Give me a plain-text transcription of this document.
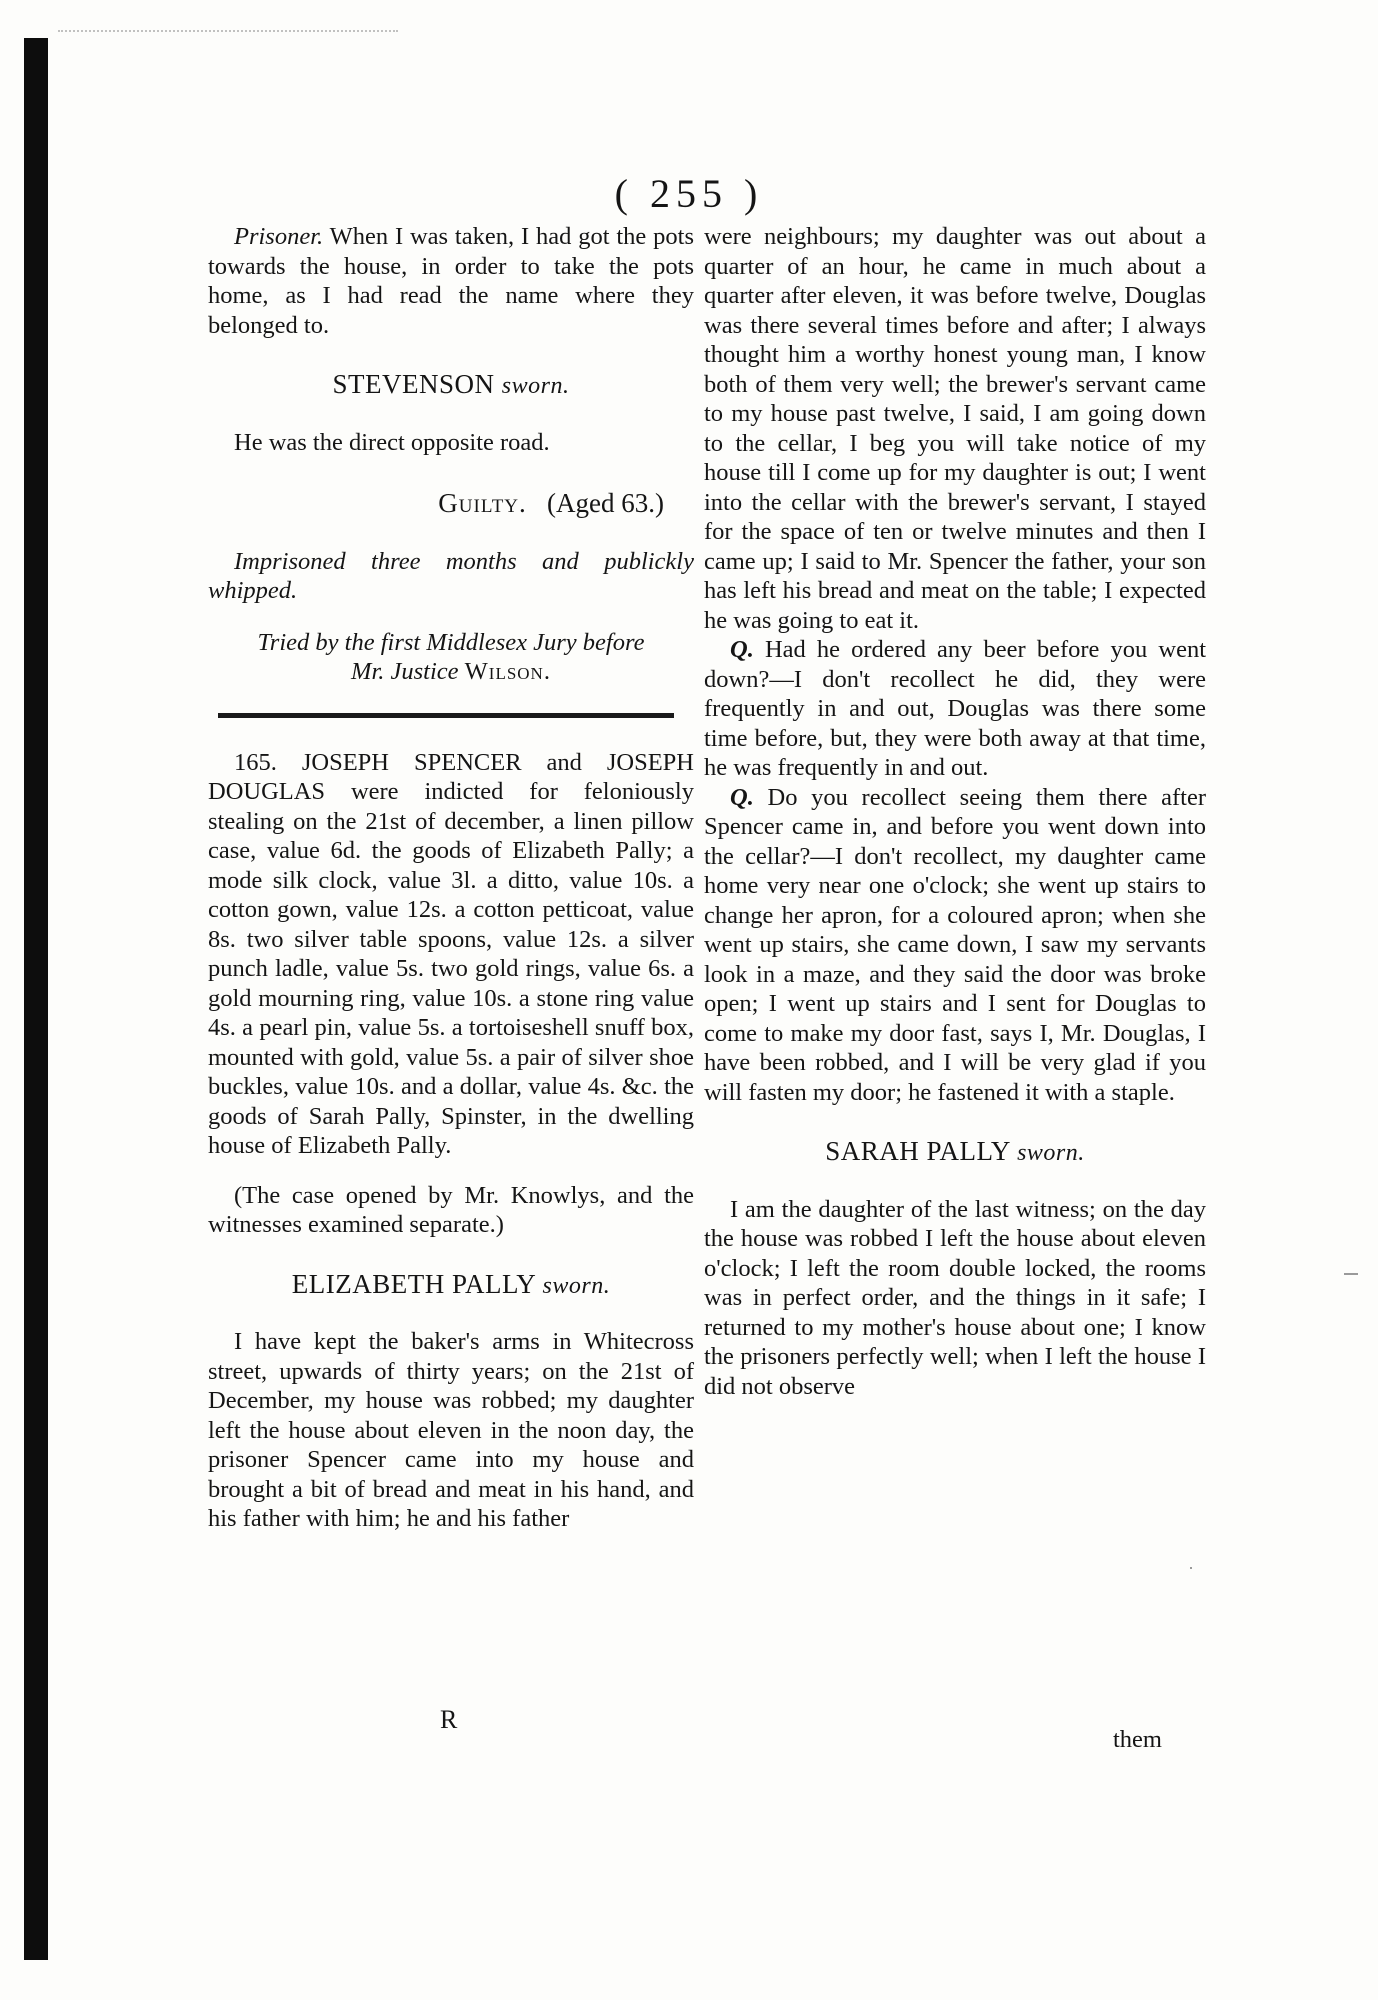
( 255 )

Prisoner. When I was taken, I had got the pots towards the house, in order to take the pots home, as I had read the name where they belonged to.

STEVENSON sworn.

He was the direct opposite road.

Guilty. (Aged 63.)

Imprisoned three months and publickly whipped.

Tried by the first Middlesex Jury before

Mr. Justice Wilson.

165. JOSEPH SPENCER and JOSEPH DOUGLAS were indicted for feloniously stealing on the 21st of december, a linen pillow case, value 6d. the goods of Elizabeth Pally; a mode silk clock, value 3l. a ditto, value 10s. a cotton gown, value 12s. a cotton petticoat, value 8s. two silver table spoons, value 12s. a silver punch ladle, value 5s. two gold rings, value 6s. a gold mourning ring, value 10s. a stone ring value 4s. a pearl pin, value 5s. a tortoiseshell snuff box, mounted with gold, value 5s. a pair of silver shoe buckles, value 10s. and a dollar, value 4s. &c. the goods of Sarah Pally, Spinster, in the dwelling house of Elizabeth Pally.

(The case opened by Mr. Knowlys, and the witnesses examined separate.)

ELIZABETH PALLY sworn.

I have kept the baker's arms in Whitecross street, upwards of thirty years; on the 21st of December, my house was robbed; my daughter left the house about eleven in the noon day, the prisoner Spencer came into my house and brought a bit of bread and meat in his hand, and his father with him; he and his father

were neighbours; my daughter was out about a quarter of an hour, he came in much about a quarter after eleven, it was before twelve, Douglas was there several times before and after; I always thought him a worthy honest young man, I know both of them very well; the brewer's servant came to my house past twelve, I said, I am going down to the cellar, I beg you will take notice of my house till I come up for my daughter is out; I went into the cellar with the brewer's servant, I stayed for the space of ten or twelve minutes and then I came up; I said to Mr. Spencer the father, your son has left his bread and meat on the table; I expected he was going to eat it.

Q. Had he ordered any beer before you went down?—I don't recollect he did, they were frequently in and out, Douglas was there some time before, but, they were both away at that time, he was frequently in and out.

Q. Do you recollect seeing them there after Spencer came in, and before you went down into the cellar?—I don't recollect, my daughter came home very near one o'clock; she went up stairs to change her apron, for a coloured apron; when she went up stairs, she came down, I saw my servants look in a maze, and they said the door was broke open; I went up stairs and I sent for Douglas to come to make my door fast, says I, Mr. Douglas, I have been robbed, and I will be very glad if you will fasten my door; he fastened it with a staple.

SARAH PALLY sworn.

I am the daughter of the last witness; on the day the house was robbed I left the house about eleven o'clock; I left the room double locked, the rooms was in perfect order, and the things in it safe; I returned to my mother's house about one; I know the prisoners perfectly well; when I left the house I did not observe

R
them
